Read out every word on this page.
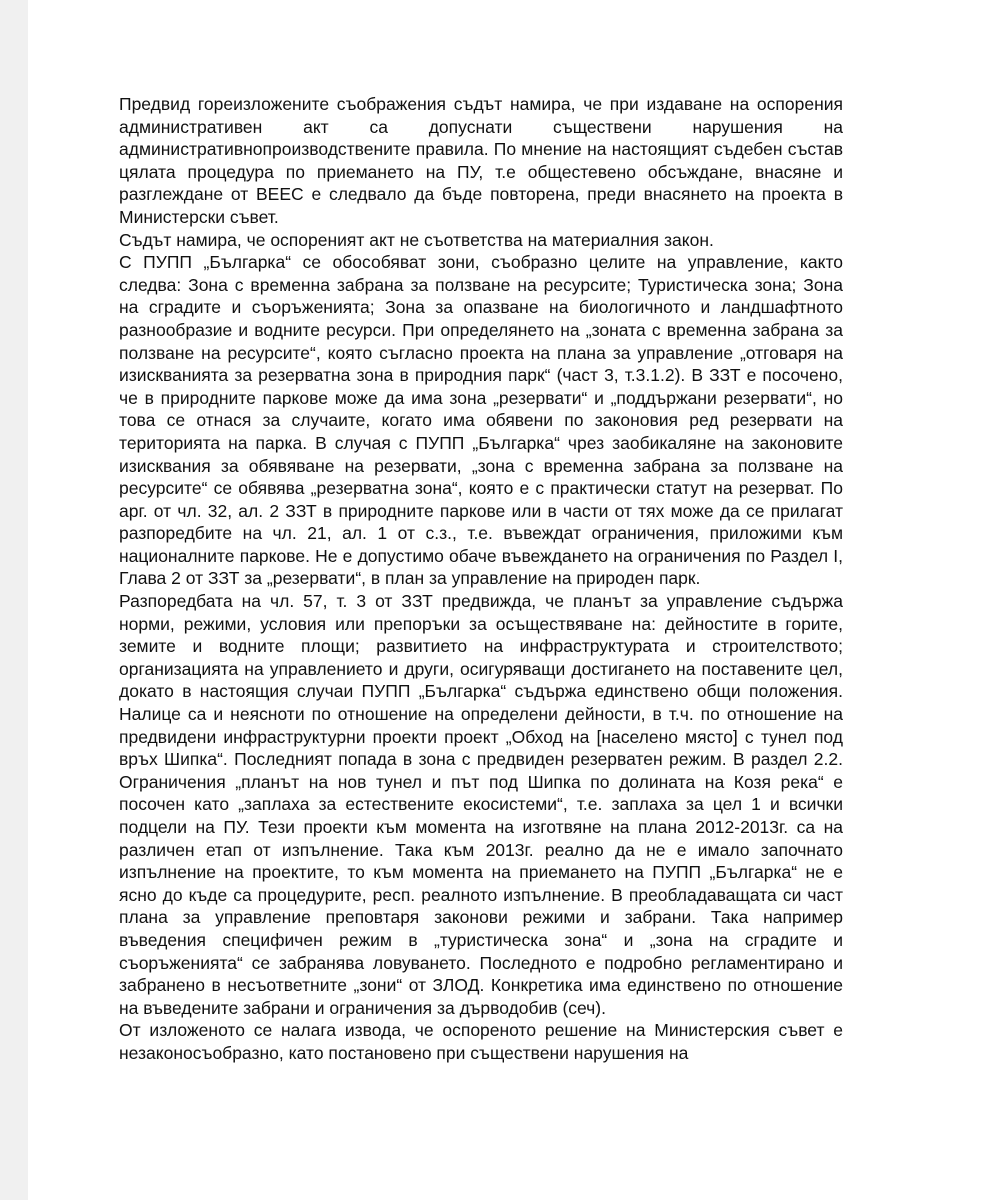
Предвид гореизложените съображения съдът намира, че при издаване на оспорения административен акт са допуснати съществени нарушения на административнопроизводствените правила. По мнение на настоящият съдебен състав цялата процедура по приемането на ПУ, т.е общестевено обсъждане, внасяне и разглеждане от ВЕЕС е следвало да бъде повторена, преди внасянето на проекта в Министерски съвет.

Съдът намира, че оспореният акт не съответства на материалния закон.

С ПУПП „Българка“ се обособяват зони, съобразно целите на управление, както следва: Зона с временна забрана за ползване на ресурсите; Туристическа зона; Зона на сградите и съоръженията; Зона за опазване на биологичното и ландшафтното разнообразие и водните ресурси. При определянето на „зоната с временна забрана за ползване на ресурсите“, която съгласно проекта на плана за управление „отговаря на изискванията за резерватна зона в природния парк“ (част 3, т.3.1.2). В ЗЗТ е посочено, че в природните паркове може да има зона „резервати“ и „поддържани резервати“, но това се отнася за случаите, когато има обявени по законовия ред резервати на територията на парка. В случая с ПУПП „Българка“ чрез заобикаляне на законовите изисквания за обявяване на резервати, „зона с временна забрана за ползване на ресурсите“ се обявява „резерватна зона“, която е с практически статут на резерват. По арг. от чл. 32, ал. 2 ЗЗТ в природните паркове или в части от тях може да се прилагат разпоредбите на чл. 21, ал. 1 от с.з., т.е. въвеждат ограничения, приложими към националните паркове. Не е допустимо обаче въвеждането на ограничения по Раздел I, Глава 2 от ЗЗТ за „резервати“, в план за управление на природен парк.

Разпоредбата на чл. 57, т. 3 от ЗЗТ предвижда, че планът за управление съдържа норми, режими, условия или препоръки за осъществяване на: дейностите в горите, земите и водните площи; развитието на инфраструктурата и строителството; организацията на управлението и други, осигуряващи достигането на поставените цел, докато в настоящия случаи ПУПП „Българка“ съдържа единствено общи положения. Налице са и неясноти по отношение на определени дейности, в т.ч. по отношение на предвидени инфраструктурни проекти проект „Обход на [населено място] с тунел под връх Шипка“. Последният попада в зона с предвиден резерватен режим. В раздел 2.2. Ограничения „планът на нов тунел и път под Шипка по долината на Козя река“ е посочен като „заплаха за естествените екосистеми“, т.е. заплаха за цел 1 и всички подцели на ПУ. Тези проекти към момента на изготвяне на плана 2012-2013г. са на различен етап от изпълнение. Така към 2013г. реално да не е имало започнато изпълнение на проектите, то към момента на приемането на ПУПП „Българка“ не е ясно до къде са процедурите, респ. реалното изпълнение. В преобладаващата си част плана за управление преповтаря законови режими и забрани. Така например въведения специфичен режим в „туристическа зона“ и „зона на сградите и съоръженията“ се забранява ловуването. Последното е подробно регламентирано и забранено в несъответните „зони“ от ЗЛОД. Конкретика има единствено по отношение на въведените забрани и ограничения за дърводобив (сеч).

От изложеното се налага извода, че оспореното решение на Министерския съвет е незаконосъобразно, като постановено при съществени нарушения на
